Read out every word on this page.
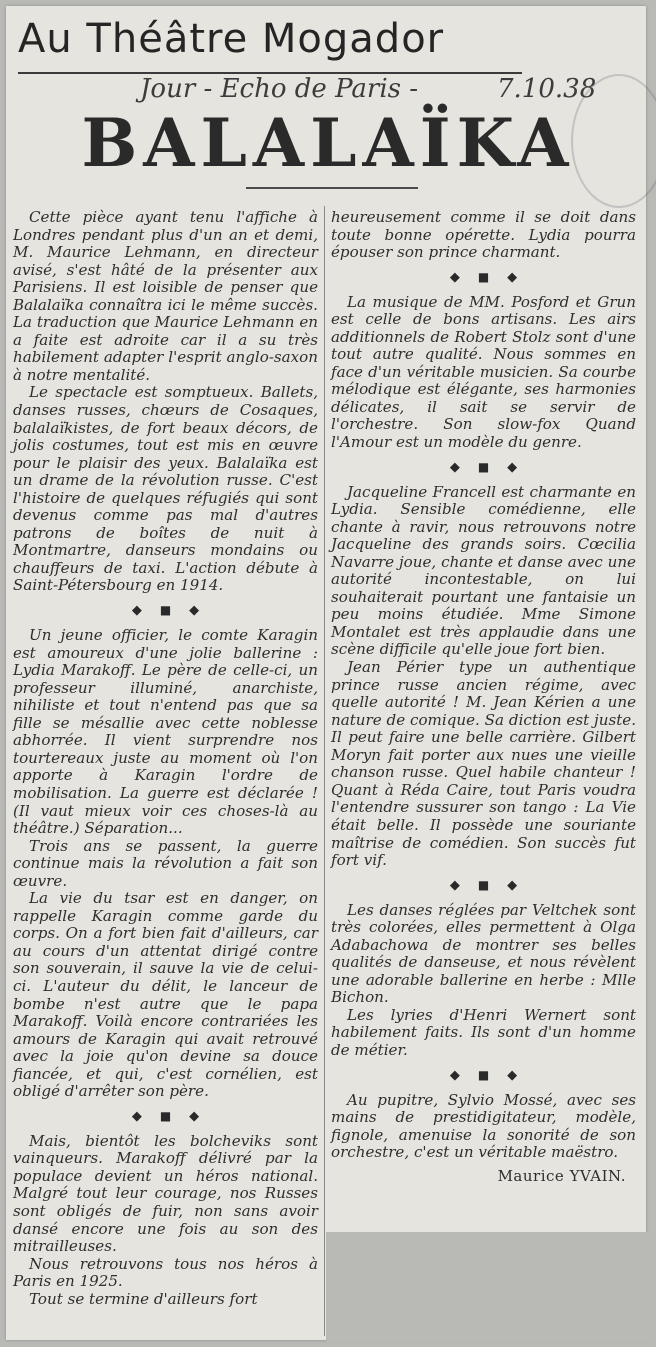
Au Théâtre Mogador
Jour - Echo de Paris -	7.10.38
BALALAÏKA

Cette pièce ayant tenu l'affiche à Londres pendant plus d'un an et demi, M. Maurice Lehmann, en directeur avisé, s'est hâté de la présenter aux Parisiens. Il est loisible de penser que Balalaïka connaîtra ici le même succès. La traduction que Maurice Lehmann en a faite est adroite car il a su très habilement adapter l'esprit anglo-saxon à notre mentalité.

Le spectacle est somptueux. Ballets, danses russes, chœurs de Cosaques, balalaïkistes, de fort beaux décors, de jolis costumes, tout est mis en œuvre pour le plaisir des yeux. Balalaïka est un drame de la révolution russe. C'est l'histoire de quelques réfugiés qui sont devenus comme pas mal d'autres patrons de boîtes de nuit à Montmartre, danseurs mondains ou chauffeurs de taxi. L'action débute à Saint-Pétersbourg en 1914.

◆ ■ ◆

Un jeune officier, le comte Karagin est amoureux d'une jolie ballerine : Lydia Marakoff. Le père de celle-ci, un professeur illuminé, anarchiste, nihiliste et tout n'entend pas que sa fille se mésallie avec cette noblesse abhorrée. Il vient surprendre nos tourtereaux juste au moment où l'on apporte à Karagin l'ordre de mobilisation. La guerre est déclarée ! (Il vaut mieux voir ces choses-là au théâtre.) Séparation...

Trois ans se passent, la guerre continue mais la révolution a fait son œuvre.

La vie du tsar est en danger, on rappelle Karagin comme garde du corps. On a fort bien fait d'ailleurs, car au cours d'un attentat dirigé contre son souverain, il sauve la vie de celui-ci. L'auteur du délit, le lanceur de bombe n'est autre que le papa Marakoff. Voilà encore contrariées les amours de Karagin qui avait retrouvé avec la joie qu'on devine sa douce fiancée, et qui, c'est cornélien, est obligé d'arrêter son père.

◆ ■ ◆

Mais, bientôt les bolcheviks sont vainqueurs. Marakoff délivré par la populace devient un héros national. Malgré tout leur courage, nos Russes sont obligés de fuir, non sans avoir dansé encore une fois au son des mitrailleuses.

Nous retrouvons tous nos héros à Paris en 1925.

Tout se termine d'ailleurs fort

heureusement comme il se doit dans toute bonne opérette. Lydia pourra épouser son prince charmant.

◆ ■ ◆

La musique de MM. Posford et Grun est celle de bons artisans. Les airs additionnels de Robert Stolz sont d'une tout autre qualité. Nous sommes en face d'un véritable musicien. Sa courbe mélodique est élégante, ses harmonies délicates, il sait se servir de l'orchestre. Son slow-fox Quand l'Amour est un modèle du genre.

◆ ■ ◆

Jacqueline Francell est charmante en Lydia. Sensible comédienne, elle chante à ravir, nous retrouvons notre Jacqueline des grands soirs. Cœcilia Navarre joue, chante et danse avec une autorité incontestable, on lui souhaiterait pourtant une fantaisie un peu moins étudiée. Mme Simone Montalet est très applaudie dans une scène difficile qu'elle joue fort bien.

Jean Périer type un authentique prince russe ancien régime, avec quelle autorité ! M. Jean Kérien a une nature de comique. Sa diction est juste. Il peut faire une belle carrière. Gilbert Moryn fait porter aux nues une vieille chanson russe. Quel habile chanteur ! Quant à Réda Caire, tout Paris voudra l'entendre sussurer son tango : La Vie était belle. Il possède une souriante maîtrise de comédien. Son succès fut fort vif.

◆ ■ ◆

Les danses réglées par Veltchek sont très colorées, elles permettent à Olga Adabachowa de montrer ses belles qualités de danseuse, et nous révèlent une adorable ballerine en herbe : Mlle Bichon.

Les lyries d'Henri Wernert sont habilement faits. Ils sont d'un homme de métier.

◆ ■ ◆

Au pupitre, Sylvio Mossé, avec ses mains de prestidigitateur, modèle, fignole, amenuise la sonorité de son orchestre, c'est un véritable maëstro.

Maurice YVAIN.
